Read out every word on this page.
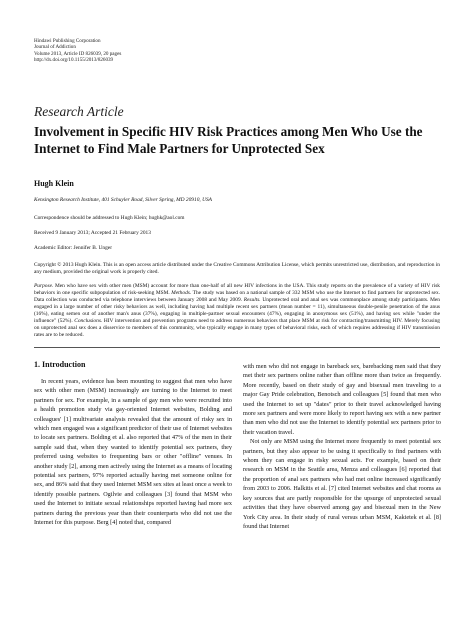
Hindawi Publishing Corporation
Journal of Addiction
Volume 2013, Article ID 826039, 20 pages
http://dx.doi.org/10.1155/2013/826039
Research Article
Involvement in Specific HIV Risk Practices among Men Who Use the Internet to Find Male Partners for Unprotected Sex
Hugh Klein
Kensington Research Institute, 401 Schuyler Road, Silver Spring, MD 20910, USA
Correspondence should be addressed to Hugh Klein; hughk@aol.com
Received 9 January 2013; Accepted 21 February 2013
Academic Editor: Jennifer B. Unger
Copyright © 2013 Hugh Klein. This is an open access article distributed under the Creative Commons Attribution License, which permits unrestricted use, distribution, and reproduction in any medium, provided the original work is properly cited.
Purpose. Men who have sex with other men (MSM) account for more than one-half of all new HIV infections in the USA. This study reports on the prevalence of a variety of HIV risk behaviors in one specific subpopulation of risk-seeking MSM. Methods. The study was based on a national sample of 332 MSM who use the Internet to find partners for unprotected sex. Data collection was conducted via telephone interviews between January 2008 and May 2009. Results. Unprotected oral and anal sex was commonplace among study participants. Men engaged in a large number of other risky behaviors as well, including having had multiple recent sex partners (mean number = 11), simultaneous double-penile penetration of the anus (16%), eating semen out of another man's anus (37%), engaging in multiple-partner sexual encounters (47%), engaging in anonymous sex (51%), and having sex while "under the influence" (52%). Conclusions. HIV intervention and prevention programs need to address numerous behaviors that place MSM at risk for contracting/transmitting HIV. Merely focusing on unprotected anal sex does a disservice to members of this community, who typically engage in many types of behavioral risks, each of which requires addressing if HIV transmission rates are to be reduced.
1. Introduction

In recent years, evidence has been mounting to suggest that men who have sex with other men (MSM) increasingly are turning to the Internet to meet partners for sex. For example, in a sample of gay men who were recruited into a health promotion study via gay-oriented Internet websites, Bolding and colleagues' [1] multivariate analysis revealed that the amount of risky sex in which men engaged was a significant predictor of their use of Internet websites to locate sex partners. Bolding et al. also reported that 47% of the men in their sample said that, when they wanted to identify potential sex partners, they preferred using websites to frequenting bars or other "offline" venues. In another study [2], among men actively using the Internet as a means of locating potential sex partners, 97% reported actually having met someone online for sex, and 86% said that they used Internet MSM sex sites at least once a week to identify possible partners. Ogilvie and colleagues [3] found that MSM who used the Internet to initiate sexual relationships reported having had more sex partners during the previous year than their counterparts who did not use the Internet for this purpose. Berg [4] noted that, compared

with men who did not engage in bareback sex, barebacking men said that they met their sex partners online rather than offline more than twice as frequently. More recently, based on their study of gay and bisexual men traveling to a major Gay Pride celebration, Benotsch and colleagues [5] found that men who used the Internet to set up "dates" prior to their travel acknowledged having more sex partners and were more likely to report having sex with a new partner than men who did not use the Internet to identify potential sex partners prior to their vacation travel.

Not only are MSM using the Internet more frequently to meet potential sex partners, but they also appear to be using it specifically to find partners with whom they can engage in risky sexual acts. For example, based on their research on MSM in the Seattle area, Menza and colleagues [6] reported that the proportion of anal sex partners who had met online increased significantly from 2003 to 2006. Halkitis et al. [7] cited Internet websites and chat rooms as key sources that are partly responsible for the upsurge of unprotected sexual activities that they have observed among gay and bisexual men in the New York City area. In their study of rural versus urban MSM, Kakietek et al. [8] found that Internet
